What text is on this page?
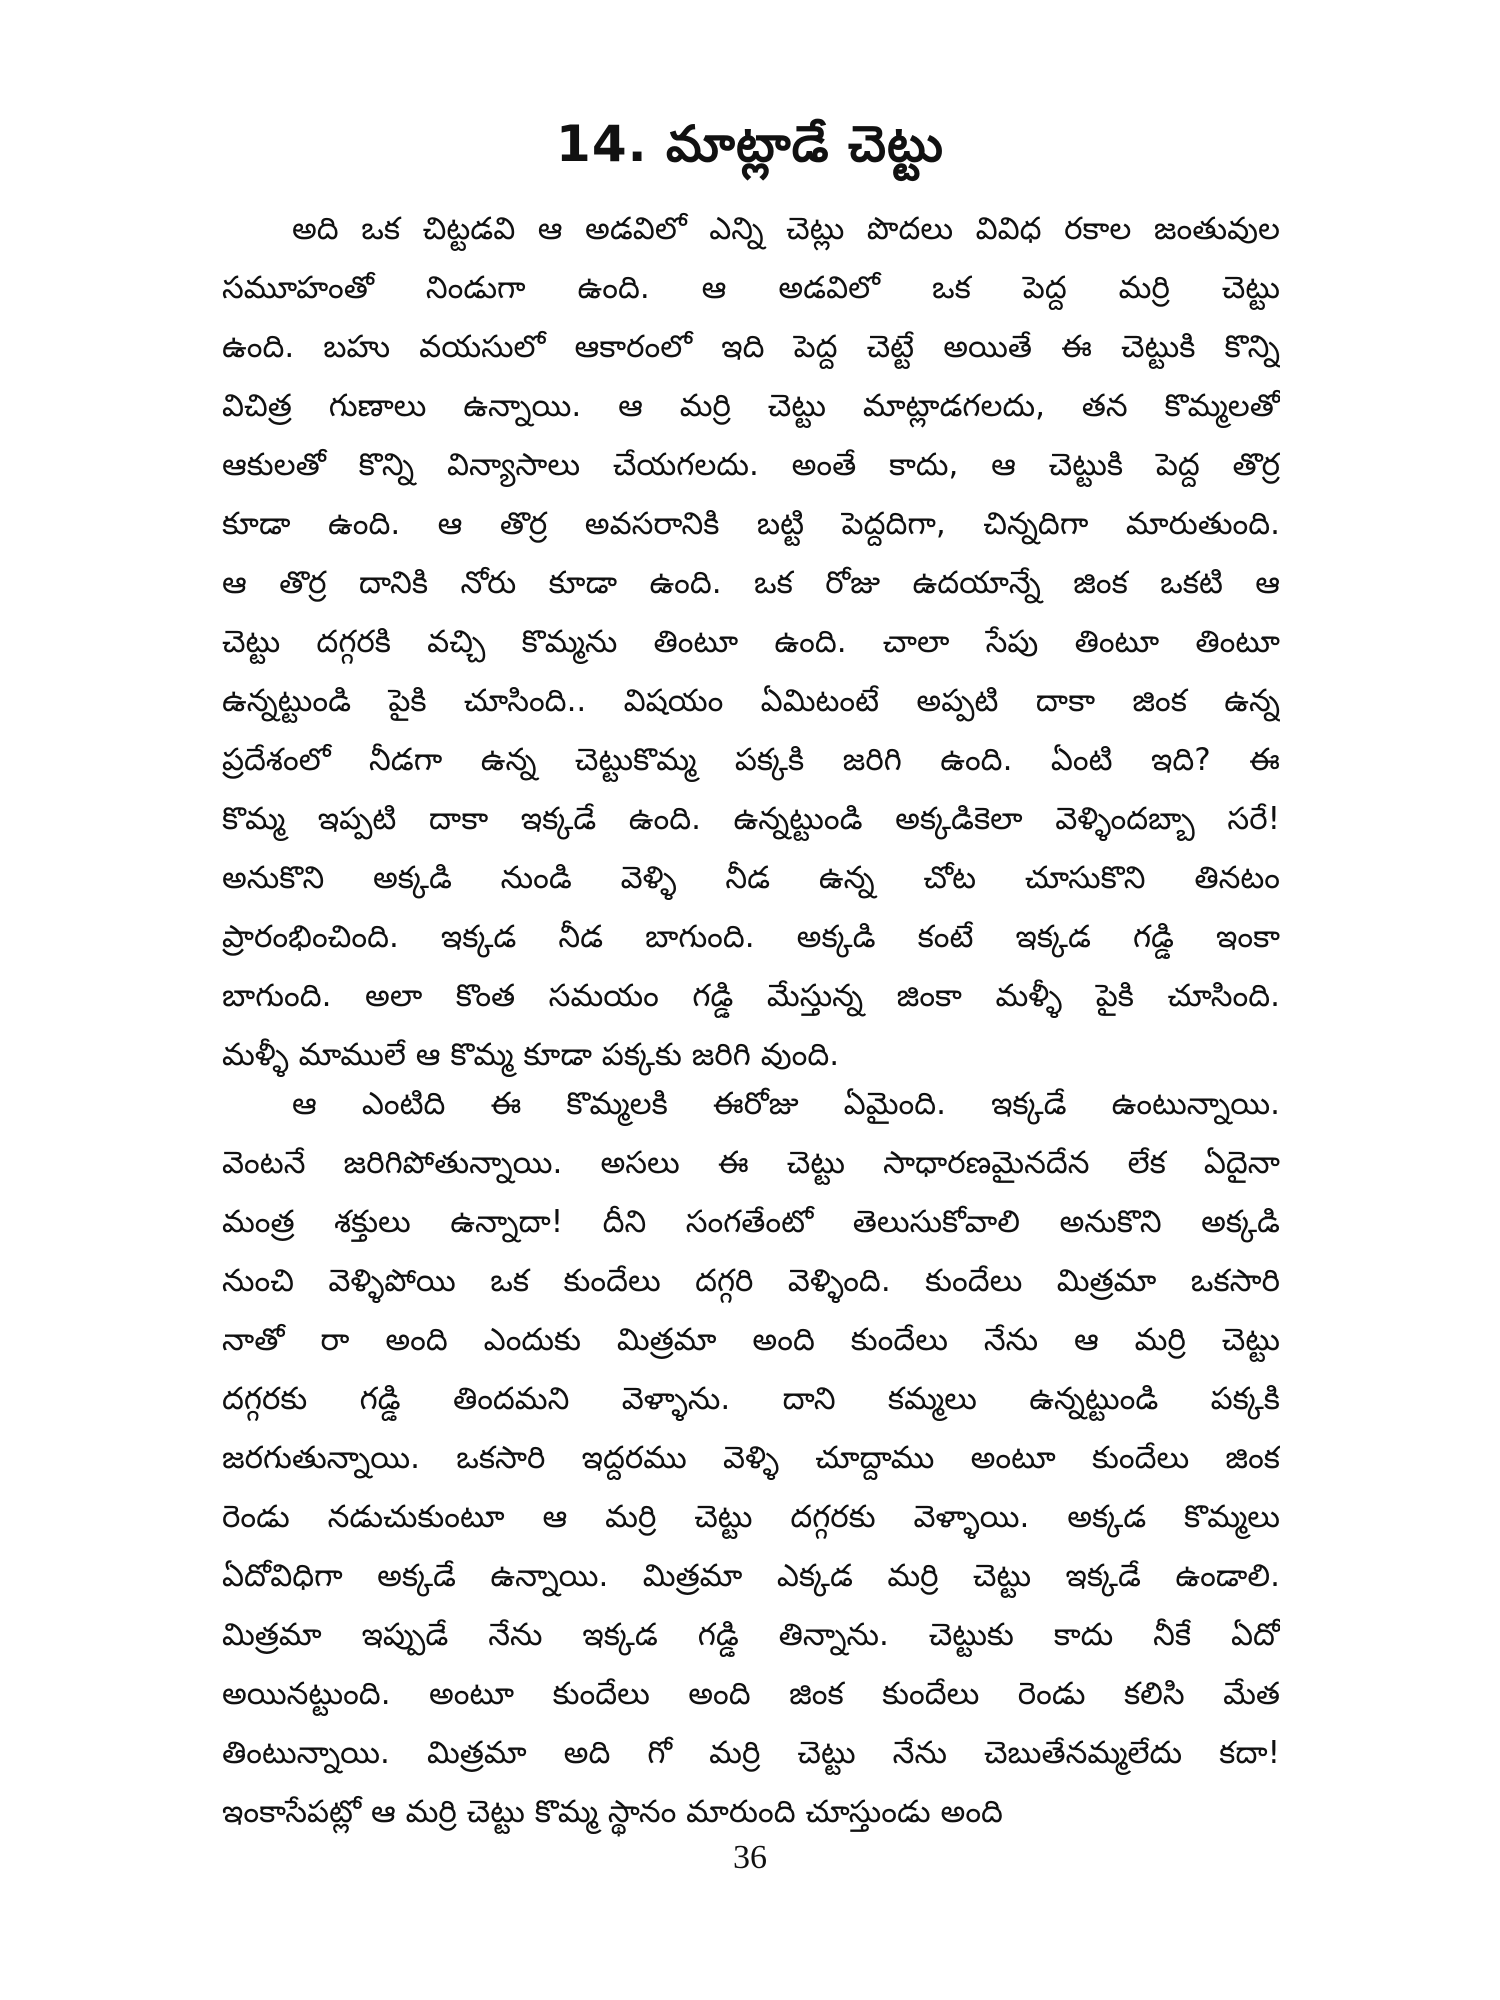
14. మాట్లాడే చెట్టు
అది ఒక చిట్టడవి ఆ అడవిలో ఎన్ని చెట్లు పొదలు వివిధ రకాల జంతువుల
సమూహంతో నిండుగా ఉంది. ఆ అడవిలో ఒక పెద్ద మర్రి చెట్టు
ఉంది. బహు వయసులో ఆకారంలో ఇది పెద్ద చెట్టే అయితే ఈ చెట్టుకి కొన్ని
విచిత్ర గుణాలు ఉన్నాయి. ఆ మర్రి చెట్టు మాట్లాడగలదు, తన కొమ్మలతో
ఆకులతో కొన్ని విన్యాసాలు చేయగలదు. అంతే కాదు, ఆ చెట్టుకి పెద్ద తొర్ర
కూడా ఉంది. ఆ తొర్ర అవసరానికి బట్టి పెద్దదిగా, చిన్నదిగా మారుతుంది.
ఆ తొర్ర దానికి నోరు కూడా ఉంది. ఒక రోజు ఉదయాన్నే జింక ఒకటి ఆ
చెట్టు దగ్గరకి వచ్చి కొమ్మను తింటూ ఉంది. చాలా సేపు తింటూ తింటూ
ఉన్నట్టుండి పైకి చూసింది.. విషయం ఏమిటంటే అప్పటి దాకా జింక ఉన్న
ప్రదేశంలో నీడగా ఉన్న చెట్టుకొమ్మ పక్కకి జరిగి ఉంది. ఏంటి ఇది? ఈ
కొమ్మ ఇప్పటి దాకా ఇక్కడే ఉంది. ఉన్నట్టుండి అక్కడికెలా వెళ్ళిందబ్బా సరే!
అనుకొని అక్కడి నుండి వెళ్ళి నీడ ఉన్న చోట చూసుకొని తినటం
ప్రారంభించింది. ఇక్కడ నీడ బాగుంది. అక్కడి కంటే ఇక్కడ గడ్డి ఇంకా
బాగుంది. అలా కొంత సమయం గడ్డి మేస్తున్న జింకా మళ్ళీ పైకి చూసింది.
మళ్ళీ మాములే ఆ కొమ్మ కూడా పక్కకు జరిగి వుంది.
ఆ ఎంటిది ఈ కొమ్మలకి ఈరోజు ఏమైంది. ఇక్కడే ఉంటున్నాయి.
వెంటనే జరిగిపోతున్నాయి. అసలు ఈ చెట్టు సాధారణమైనదేన లేక ఏదైనా
మంత్ర శక్తులు ఉన్నాదా! దీని సంగతేంటో తెలుసుకోవాలి అనుకొని అక్కడి
నుంచి వెళ్ళిపోయి ఒక కుందేలు దగ్గరి వెళ్ళింది. కుందేలు మిత్రమా ఒకసారి
నాతో రా అంది ఎందుకు మిత్రమా అంది కుందేలు నేను ఆ మర్రి చెట్టు
దగ్గరకు గడ్డి తిందమని వెళ్ళాను. దాని కమ్మలు ఉన్నట్టుండి పక్కకి
జరగుతున్నాయి. ఒకసారి ఇద్దరము వెళ్ళి చూద్దాము అంటూ కుందేలు జింక
రెండు నడుచుకుంటూ ఆ మర్రి చెట్టు దగ్గరకు వెళ్ళాయి. అక్కడ కొమ్మలు
ఏదోవిధిగా అక్కడే ఉన్నాయి. మిత్రమా ఎక్కడ మర్రి చెట్టు ఇక్కడే ఉండాలి.
మిత్రమా ఇప్పుడే నేను ఇక్కడ గడ్డి తిన్నాను. చెట్టుకు కాదు నీకే ఏదో
అయినట్టుంది. అంటూ కుందేలు అంది జింక కుందేలు రెండు కలిసి మేత
తింటున్నాయి. మిత్రమా అది గో మర్రి చెట్టు నేను చెబుతేనమ్మలేదు కదా!
ఇంకాసేపట్లో ఆ మర్రి చెట్టు కొమ్మ స్థానం మారుంది చూస్తుండు అంది
36
